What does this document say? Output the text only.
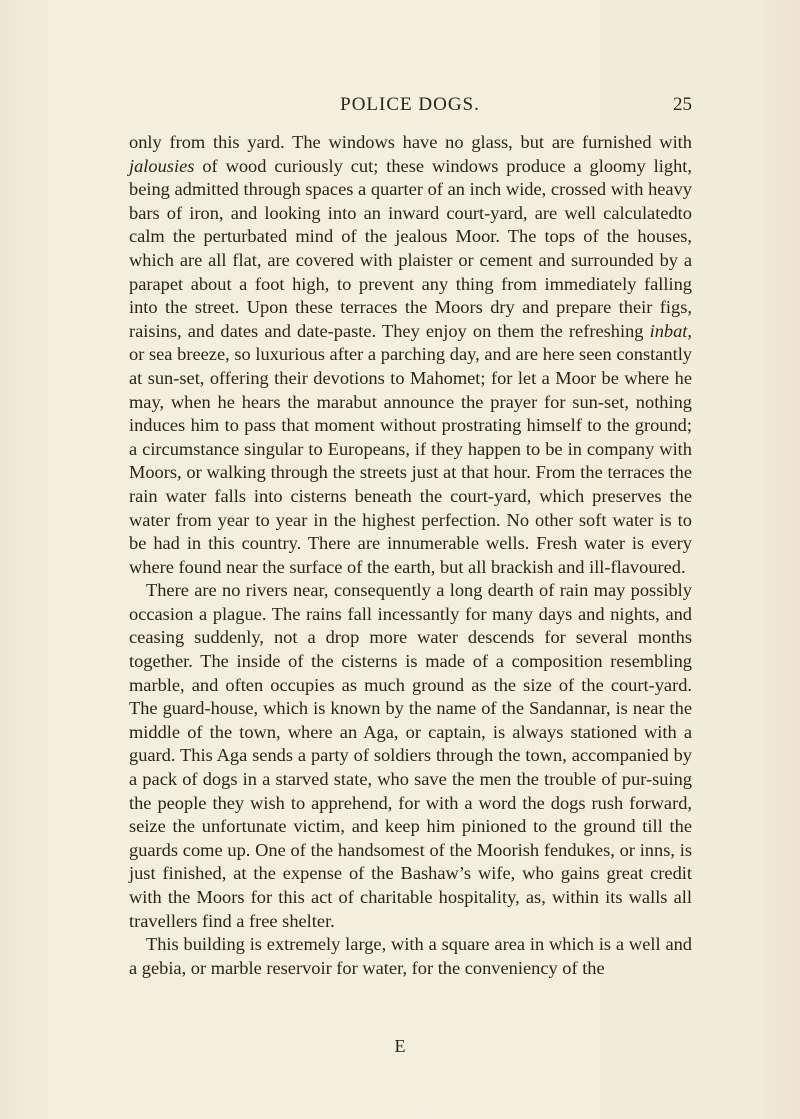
POLICE DOGS.	25

only from this yard. The windows have no glass, but are furnished with jalousies of wood curiously cut; these windows produce a gloomy light, being admitted through spaces a quarter of an inch wide, crossed with heavy bars of iron, and looking into an inward court-yard, are well calculatedto calm the perturbated mind of the jealous Moor. The tops of the houses, which are all flat, are covered with plaister or cement and surrounded by a parapet about a foot high, to prevent any thing from immediately falling into the street. Upon these terraces the Moors dry and prepare their figs, raisins, and dates and date-paste. They enjoy on them the refreshing inbat, or sea breeze, so luxurious after a parching day, and are here seen constantly at sun-set, offering their devotions to Mahomet; for let a Moor be where he may, when he hears the marabut announce the prayer for sun-set, nothing induces him to pass that moment without prostrating himself to the ground; a circumstance singular to Europeans, if they happen to be in company with Moors, or walking through the streets just at that hour. From the terraces the rain water falls into cisterns beneath the court-yard, which preserves the water from year to year in the highest perfection. No other soft water is to be had in this country. There are innumerable wells. Fresh water is every where found near the surface of the earth, but all brackish and ill-flavoured.

There are no rivers near, consequently a long dearth of rain may possibly occasion a plague. The rains fall incessantly for many days and nights, and ceasing suddenly, not a drop more water descends for several months together. The inside of the cisterns is made of a composition resembling marble, and often occupies as much ground as the size of the court-yard. The guard-house, which is known by the name of the Sandannar, is near the middle of the town, where an Aga, or captain, is always stationed with a guard. This Aga sends a party of soldiers through the town, accompanied by a pack of dogs in a starved state, who save the men the trouble of pur-suing the people they wish to apprehend, for with a word the dogs rush forward, seize the unfortunate victim, and keep him pinioned to the ground till the guards come up. One of the handsomest of the Moorish fendukes, or inns, is just finished, at the expense of the Bashaw’s wife, who gains great credit with the Moors for this act of charitable hospitality, as, within its walls all travellers find a free shelter.

This building is extremely large, with a square area in which is a well and a gebia, or marble reservoir for water, for the conveniency of the

E
